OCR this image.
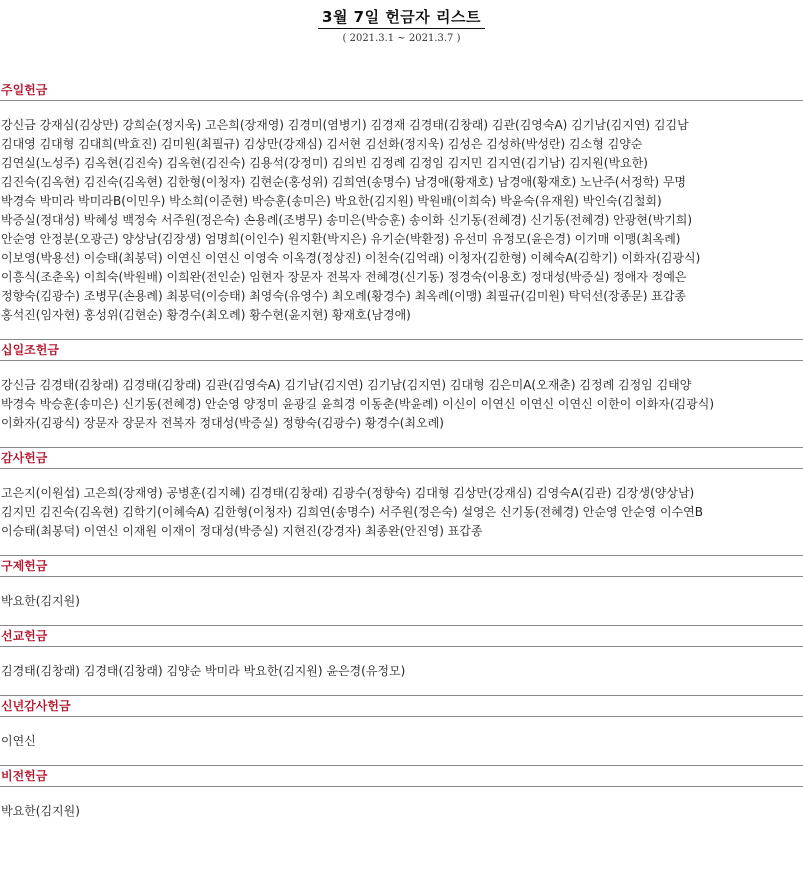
3월 7일 헌금자 리스트
( 2021.3.1 ~ 2021.3.7 )
주일헌금
강신금 강재심(김상만) 강희순(정지욱) 고은희(장재영) 김경미(염병기) 김경재 김경태(김창래) 김관(김영숙A) 김기남(김지연) 김김남
김대영 김대형 김대희(박효진) 김미원(최필규) 김상만(강재심) 김서현 김선화(정지욱) 김성은 김성하(박성란) 김소형 김양순
김연실(노성주) 김옥현(김진숙) 김옥현(김진숙) 김용석(강정미) 김의빈 김정례 김정임 김지민 김지연(김기남) 김지원(박요한)
김진숙(김옥현) 김진숙(김옥현) 김한형(이청자) 김현순(홍성위) 김희연(송명수) 남경애(황재호) 남경애(황재호) 노난주(서정학) 무명
박경숙 박미라 박미라B(이민우) 박소희(이준현) 박승훈(송미은) 박요한(김지원) 박원배(이희숙) 박윤숙(유재원) 박인숙(김철회)
박증실(정대성) 박혜성 백정숙 서주원(정은숙) 손용례(조병무) 송미은(박승훈) 송이화 신기동(전혜경) 신기동(전혜경) 안광현(박기희)
안순영 안정분(오광근) 양상남(김장생) 엄명희(이인수) 원지환(박지은) 유기순(박환정) 유선미 유정모(윤은경) 이기매 이맹(최옥례)
이보영(박용선) 이승태(최봉덕) 이연신 이연신 이영숙 이옥경(정상진) 이천숙(김억래) 이청자(김한형) 이혜숙A(김학기) 이화자(김광식)
이흥식(조춘옥) 이희숙(박원배) 이희완(전인순) 임현자 장문자 전복자 전혜경(신기동) 정경숙(이용호) 정대성(박증실) 정애자 정예은
정향숙(김광수) 조병무(손용례) 최봉덕(이승태) 최영숙(유영수) 최오례(황경수) 최옥례(이맹) 최필규(김미원) 탁덕선(장종문) 표갑종
홍석진(임자현) 홍성위(김현순) 황경수(최오례) 황수현(윤지현) 황재호(남경애)
십일조헌금
강신금 김경태(김창래) 김경태(김창래) 김관(김영숙A) 김기남(김지연) 김기남(김지연) 김대형 김은미A(오재춘) 김정례 김정임 김태양
박경숙 박승훈(송미은) 신기동(전혜경) 안순영 양정미 윤광길 윤희경 이동춘(박윤례) 이신이 이연신 이연신 이연신 이한이 이화자(김광식)
이화자(김광식) 장문자 장문자 전복자 정대성(박증실) 정향숙(김광수) 황경수(최오례)
감사헌금
고은지(이원섭) 고은희(장재영) 공병훈(김지혜) 김경태(김창래) 김광수(정향숙) 김대형 김상만(강재심) 김영숙A(김관) 김장생(양상남)
김지민 김진숙(김옥현) 김학기(이혜숙A) 김한형(이청자) 김희연(송명수) 서주원(정은숙) 설영은 신기동(전혜경) 안순영 안순영 이수연B
이승태(최봉덕) 이연신 이재원 이재이 정대성(박증실) 지현진(강경자) 최종완(안진영) 표갑종
구제헌금
박요한(김지원)
선교헌금
김경태(김창래) 김경태(김창래) 김양순 박미라 박요한(김지원) 윤은경(유정모)
신년감사헌금
이연신
비전헌금
박요한(김지원)
